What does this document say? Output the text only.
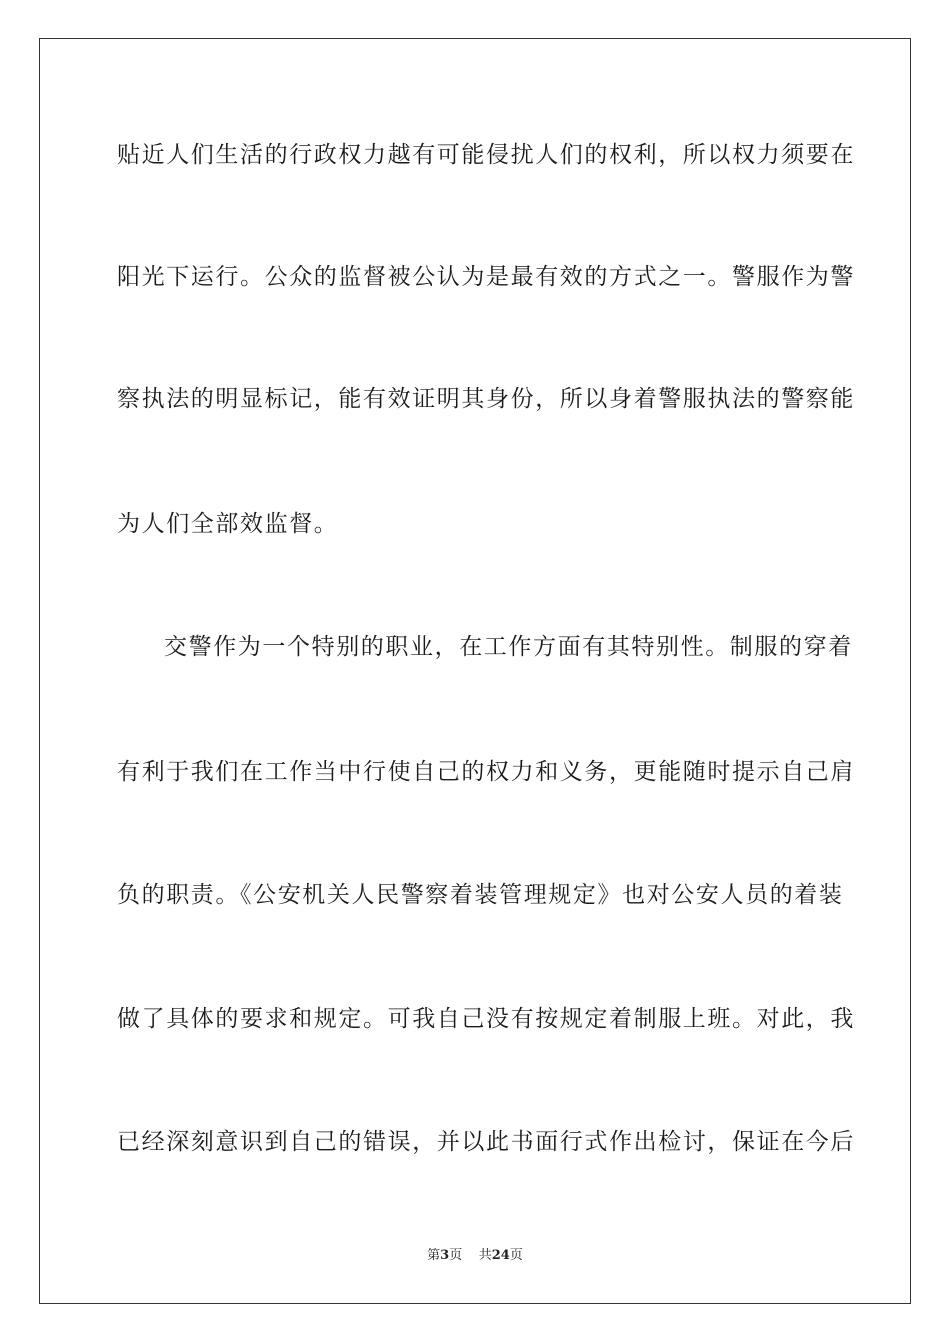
贴近人们生活的行政权力越有可能侵扰人们的权利，所以权力须要在
阳光下运行。公众的监督被公认为是最有效的方式之一。警服作为警
察执法的明显标记，能有效证明其身份，所以身着警服执法的警察能
为人们全部效监督。
交警作为一个特别的职业，在工作方面有其特别性。制服的穿着
有利于我们在工作当中行使自己的权力和义务，更能随时提示自己肩
负的职责。《公安机关人民警察着装管理规定》也对公安人员的着装
做了具体的要求和规定。可我自己没有按规定着制服上班。对此，我
已经深刻意识到自己的错误，并以此书面行式作出检讨，保证在今后
第3页 共24页
